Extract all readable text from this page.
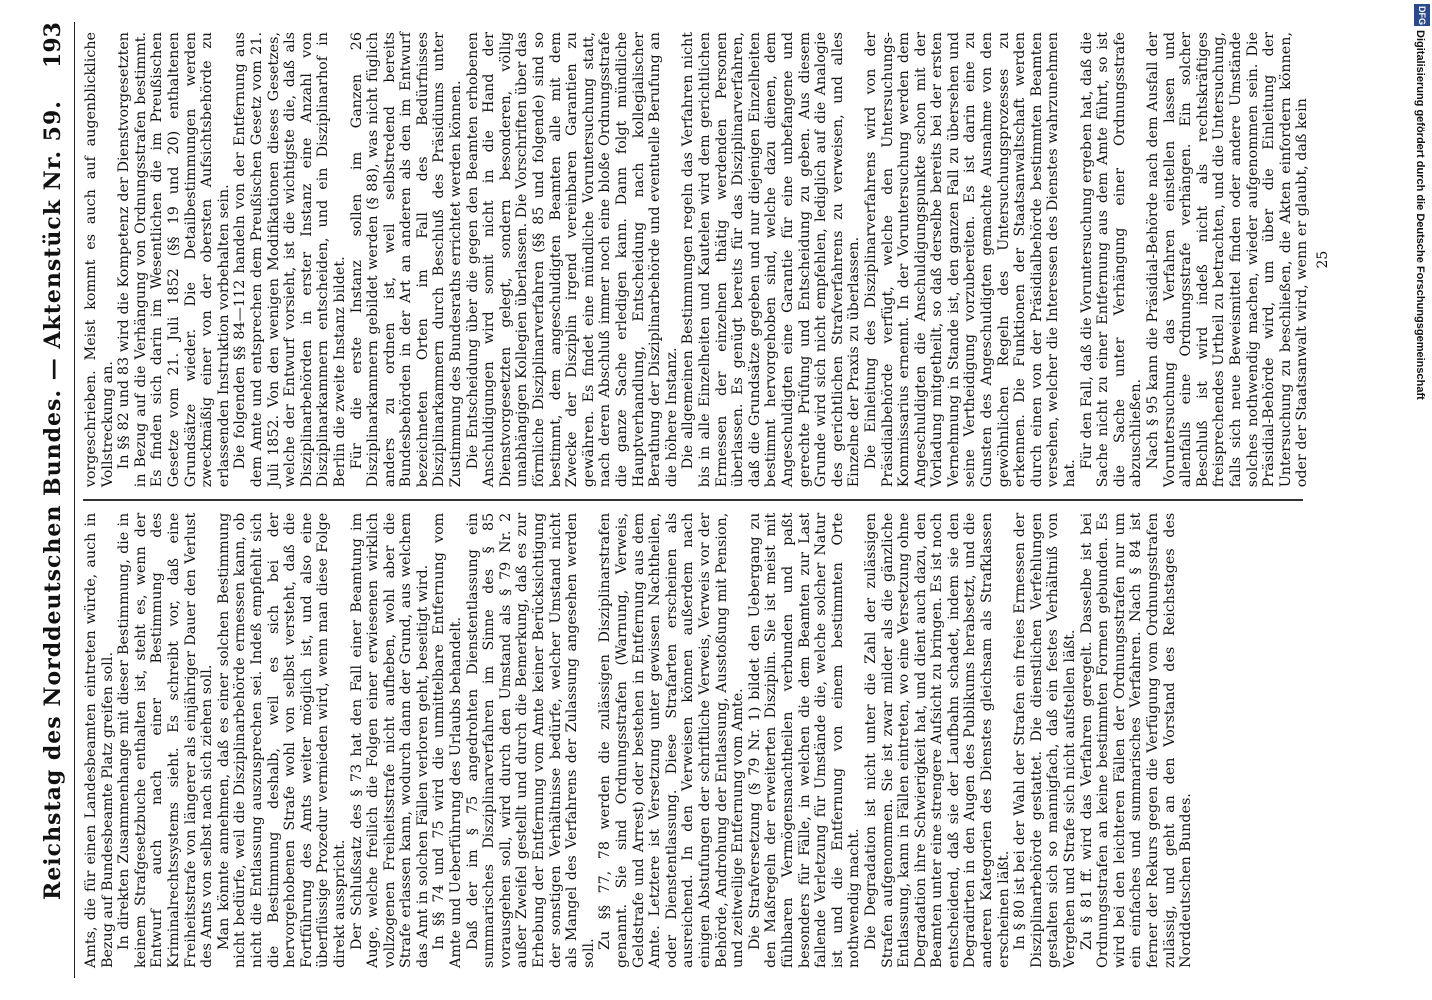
Reichstag des Norddeutschen Bundes. — Aktenstück Nr. 59.
193

Amts, die für einen Landesbeamten eintreten würde, auch in Bezug auf Bundesbeamte Platz greifen soll. In direkten Zusammenhange mit dieser Bestimmung, die in keinem Strafgesetzbuche enthalten ist, steht es, wenn der Entwurf auch nach einer Bestimmung des Kriminalrechtssystems sieht. Es schreibt vor, daß eine Freiheitsstrafe von längerer als einjähriger Dauer den Verlust des Amts von selbst nach sich ziehen soll. Man könnte annehmen, daß es einer solchen Bestimmung nicht bedürfe, weil die Disziplinarbehörde ermessen kann, ob nicht die Entlassung auszusprechen sei. Indeß empfiehlt sich die Bestimmung deshalb, weil es sich bei der hervorgehobenen Strafe wohl von selbst versteht, daß die Fortführung des Amts weiter möglich ist, und also eine überflüssige Prozedur vermieden wird, wenn man diese Folge direkt ausspricht. Der Schlußsatz des § 73 hat den Fall einer Beamtung im Auge, welche freilich die Folgen einer erwiesenen wirklich vollzogenen Freiheitsstrafe nicht aufheben, wohl aber die Strafe erlassen kann, wodurch dann der Grund, aus welchem das Amt in solchen Fällen verloren geht, beseitigt wird. In §§ 74 und 75 wird die unmittelbare Entfernung vom Amte und Ueberführung des Urlaubs behandelt. Daß der im § 75 angedrohten Dienstentlassung ein summarisches Disziplinarverfahren im Sinne des § 85 vorausgehen soll, wird durch den Umstand als § 79 Nr. 2 außer Zweifel gestellt und durch die Bemerkung, daß es zur Erhebung der Entfernung vom Amte keiner Berücksichtigung der sonstigen Verhältnisse bedürfe, welcher Umstand nicht als Mangel des Verfahrens der Zulassung angesehen werden soll.

Zu §§ 77, 78 werden die zulässigen Disziplinarstrafen genannt. Sie sind Ordnungsstrafen (Warnung, Verweis, Geldstrafe und Arrest) oder bestehen in Entfernung aus dem Amte. Letztere ist Versetzung unter gewissen Nachtheilen, oder Dienstentlassung. Diese Strafarten erscheinen als ausreichend. In den Verweisen können außerdem nach einigen Abstufungen der schriftliche Verweis, Verweis vor der Behörde, Androhung der Entlassung, Ausstoßung mit Pension, und zeitweilige Entfernung vom Amte. Die Strafversetzung (§ 79 Nr. 1) bildet den Uebergang zu den Maßregeln der erweiterten Disziplin. Sie ist meist mit fühlbaren Vermögensnachtheilen verbunden und paßt besonders für Fälle, in welchen die dem Beamten zur Last fallende Verletzung für Umstände die, welche solcher Natur ist und die Entfernung von einem bestimmten Orte nothwendig macht. Die Degradation ist nicht unter die Zahl der zulässigen Strafen aufgenommen. Sie ist zwar milder als die gänzliche Entlassung, kann in Fällen eintreten, wo eine Versetzung ohne Degradation ihre Schwierigkeit hat, und dient auch dazu, den Beamten unter eine strengere Aufsicht zu bringen. Es ist noch entscheidend, daß sie der Laufbahn schadet, indem sie den Degradirten in den Augen des Publikums herabsetzt, und die anderen Kategorien des Dienstes gleichsam als Strafklassen erscheinen läßt. In § 80 ist bei der Wahl der Strafen ein freies Ermessen der Disziplinarbehörde gestattet. Die dienstlichen Verfehlungen gestalten sich so mannigfach, daß ein festes Verhältniß von Vergehen und Strafe sich nicht aufstellen läßt. Zu § 81 ff. wird das Verfahren geregelt. Dasselbe ist bei Ordnungsstrafen an keine bestimmten Formen gebunden. Es wird bei den leichteren Fällen der Ordnungsstrafen nur um ein einfaches und summarisches Verfahren. Nach § 84 ist ferner der Rekurs gegen die Verfügung vom Ordnungsstrafen zulässig, und geht an den Vorstand des Reichstages des Norddeutschen Bundes.

vorgeschrieben. Meist kommt es auch auf augenblickliche Vollstreckung an. In §§ 82 und 83 wird die Kompetenz der Dienstvorgesetzten in Bezug auf die Verhängung von Ordnungsstrafen bestimmt. Es finden sich darin im Wesentlichen die im Preußischen Gesetze vom 21. Juli 1852 (§§ 19 und 20) enthaltenen Grundsätze wieder. Die Detailbestimmungen werden zweckmäßig einer von der obersten Aufsichtsbehörde zu erlassenden Instruktion vorbehalten sein. Die folgenden §§ 84—112 handeln von der Entfernung aus dem Amte und entsprechen dem Preußischen Gesetz vom 21. Juli 1852. Von den wenigen Modifikationen dieses Gesetzes, welche der Entwurf vorsieht, ist die wichtigste die, daß als Disziplinarbehörden in erster Instanz eine Anzahl von Disziplinarkammern entscheiden, und ein Disziplinarhof in Berlin die zweite Instanz bildet. Für die erste Instanz sollen im Ganzen 26 Disziplinarkammern gebildet werden (§ 88), was nicht füglich anders zu ordnen ist, weil selbstredend bereits Bundesbehörden in der Art an anderen als den im Entwurf bezeichneten Orten im Fall des Bedürfnisses Disziplinarkammern durch Beschluß des Präsidiums unter Zustimmung des Bundesraths errichtet werden können. Die Entscheidung über die gegen den Beamten erhobenen Anschuldigungen wird somit nicht in die Hand der Dienstvorgesetzten gelegt, sondern besonderen, völlig unabhängigen Kollegien überlassen. Die Vorschriften über das förmliche Disziplinarverfahren (§§ 85 und folgende) sind so bestimmt, dem angeschuldigten Beamten alle mit dem Zwecke der Disziplin irgend vereinbaren Garantien zu gewähren. Es findet eine mündliche Voruntersuchung statt, nach deren Abschluß immer noch eine bloße Ordnungsstrafe die ganze Sache erledigen kann. Dann folgt mündliche Hauptverhandlung, Entscheidung nach kollegialischer Berathung der Disziplinarbehörde und eventuelle Berufung an die höhere Instanz. Die allgemeinen Bestimmungen regeln das Verfahren nicht bis in alle Einzelheiten und Kautelen wird dem gerichtlichen Ermessen der einzelnen thätig werdenden Personen überlassen. Es genügt bereits für das Disziplinarverfahren, daß die Grundsätze gegeben und nur diejenigen Einzelheiten bestimmt hervorgehoben sind, welche dazu dienen, dem Angeschuldigten eine Garantie für eine unbefangene und gerechte Prüfung und Entscheidung zu geben. Aus diesem Grunde wird sich nicht empfehlen, lediglich auf die Analogie des gerichtlichen Strafverfahrens zu verweisen, und alles Einzelne der Praxis zu überlassen. Die Einleitung des Disziplinarverfahrens wird von der Präsidialbehörde verfügt, welche den Untersuchungs-Kommissarius ernennt. In der Voruntersuchung werden dem Angeschuldigten die Anschuldigungspunkte schon mit der Vorladung mitgetheilt, so daß derselbe bereits bei der ersten Vernehmung in Stande ist, den ganzen Fall zu übersehen und seine Vertheidigung vorzubereiten. Es ist darin eine zu Gunsten des Angeschuldigten gemachte Ausnahme von den gewöhnlichen Regeln des Untersuchungsprozesses zu erkennen. Die Funktionen der Staatsanwaltschaft werden durch einen von der Präsidialbehörde bestimmten Beamten versehen, welcher die Interessen des Dienstes wahrzunehmen hat.

Für den Fall, daß die Voruntersuchung ergeben hat, daß die Sache nicht zu einer Entfernung aus dem Amte führt, so ist die Sache unter Verhängung einer Ordnungsstrafe abzuschließen. Nach § 95 kann die Präsidial-Behörde nach dem Ausfall der Voruntersuchung das Verfahren einstellen lassen und allenfalls eine Ordnungsstrafe verhängen. Ein solcher Beschluß ist wird indeß nicht als rechtskräftiges freisprechendes Urtheil zu betrachten, und die Untersuchung, falls sich neue Beweismittel finden oder andere Umstände solches nothwendig machen, wieder aufgenommen sein. Die Präsidial-Behörde wird, um über die Einleitung der Untersuchung zu beschließen, die Akten einfordern können, oder der Staatsanwalt wird, wenn er glaubt, daß kein 25
DFG
Digitalisierung gefördert durch die Deutsche Forschungsgemeinschaft
